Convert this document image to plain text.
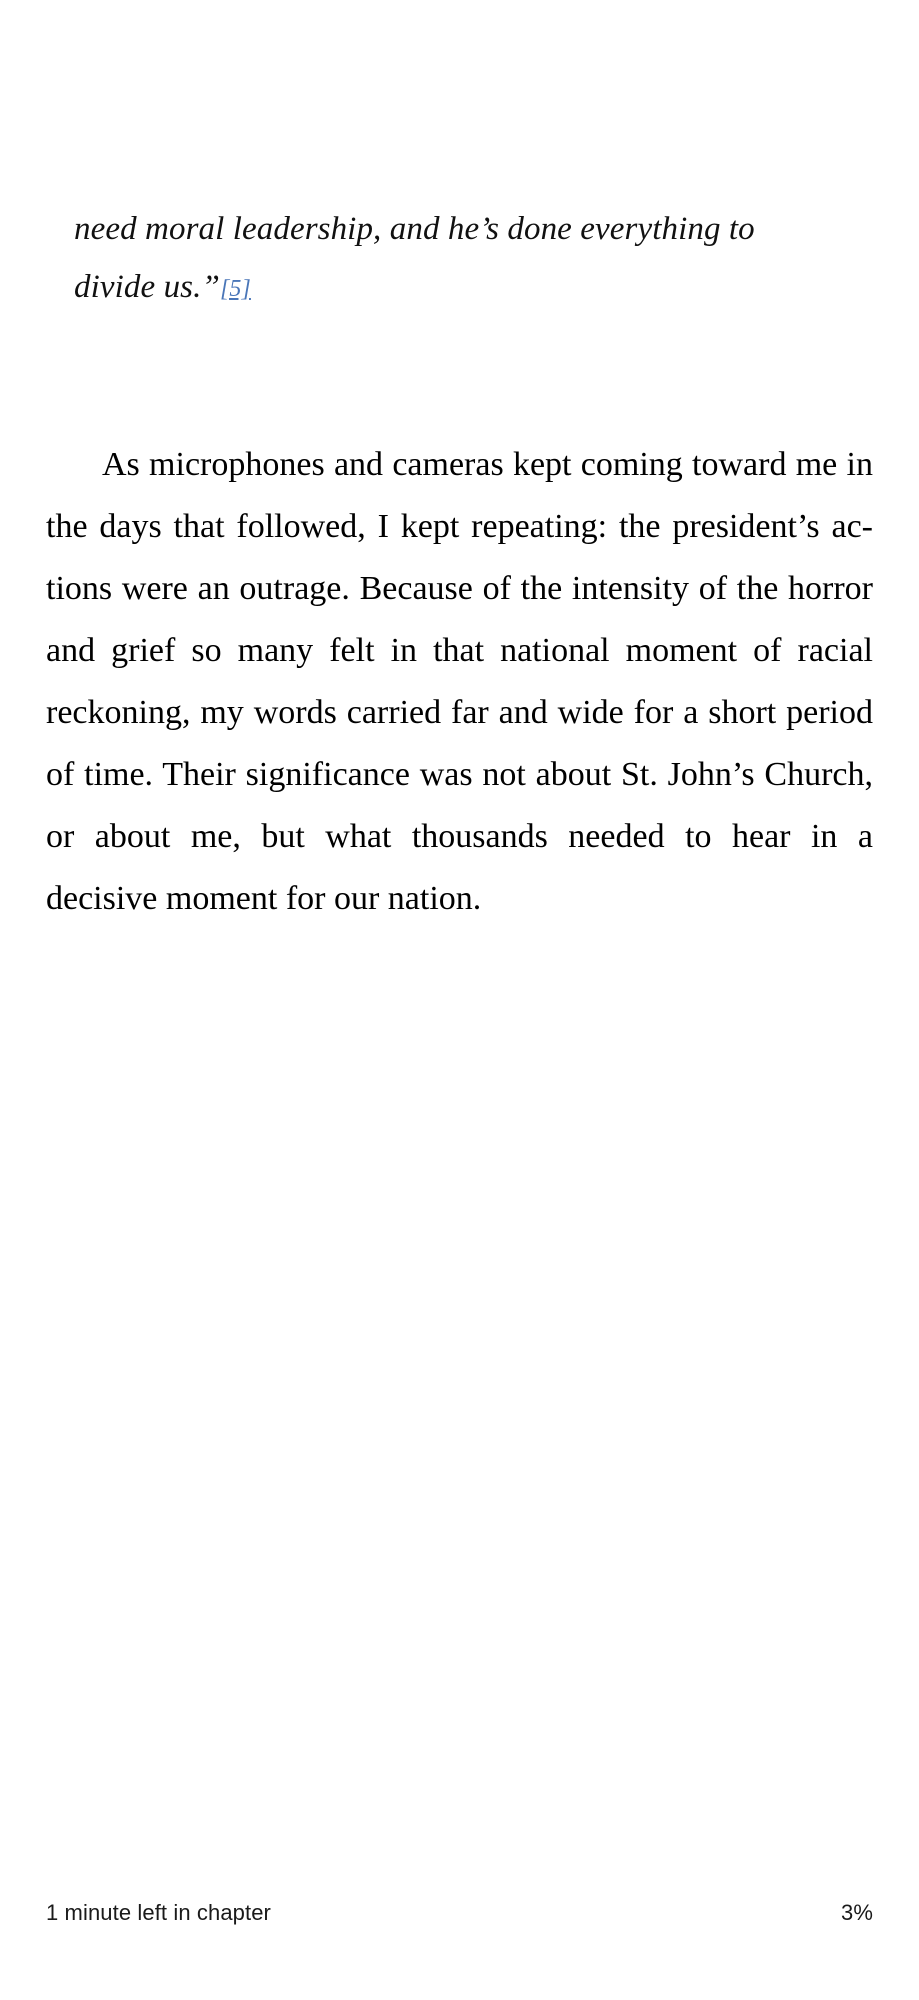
need moral leadership, and he’s done everything to divide us.”[5]

As microphones and cameras kept coming toward me in the days that followed, I kept repeating: the president’s actions were an outrage. Because of the intensity of the horror and grief so many felt in that national moment of racial reckoning, my words carried far and wide for a short period of time. Their significance was not about St. John’s Church, or about me, but what thousands needed to hear in a decisive moment for our nation.

1 minute left in chapter	3%
